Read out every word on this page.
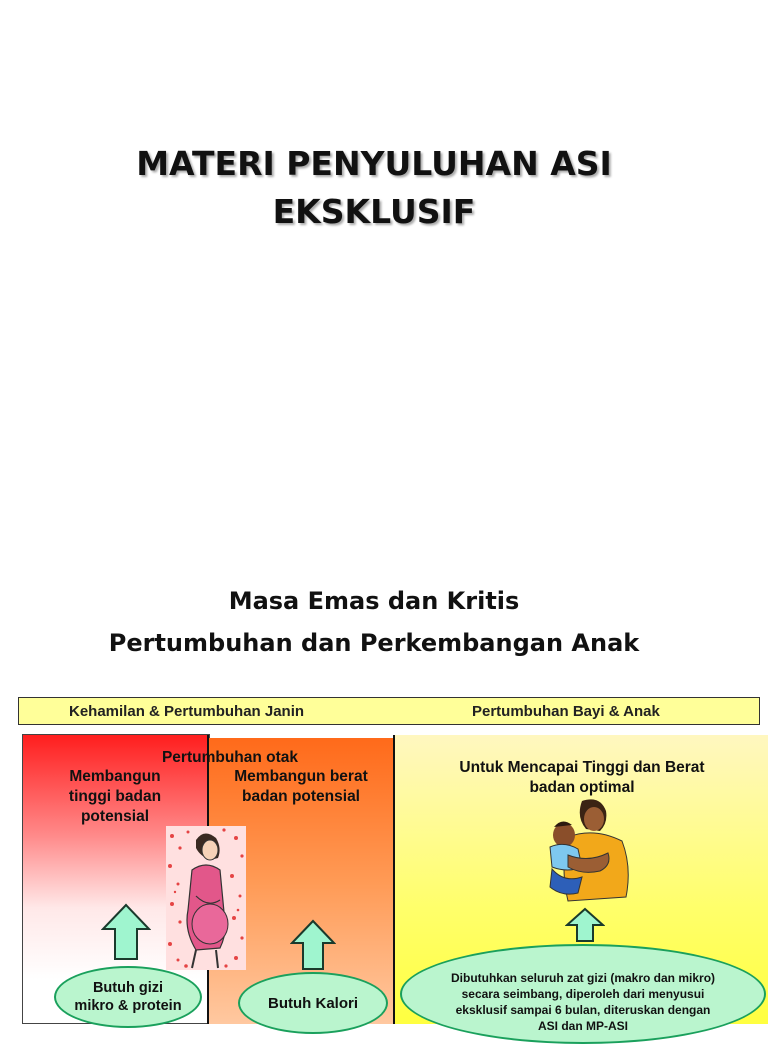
MATERI PENYULUHAN ASI
EKSKLUSIF
Masa Emas dan Kritis
Pertumbuhan dan Perkembangan Anak
Kehamilan & Pertumbuhan Janin	Pertumbuhan Bayi & Anak
Membangun
tinggi badan
potensial
Pertumbuhan otak
Membangun berat
badan potensial
Untuk Mencapai Tinggi dan Berat
badan optimal
Butuh gizi
mikro & protein	Butuh Kalori
Dibutuhkan seluruh zat gizi (makro dan mikro)
secara seimbang, diperoleh dari menyusui
eksklusif sampai 6 bulan, diteruskan dengan
ASI dan MP-ASI
